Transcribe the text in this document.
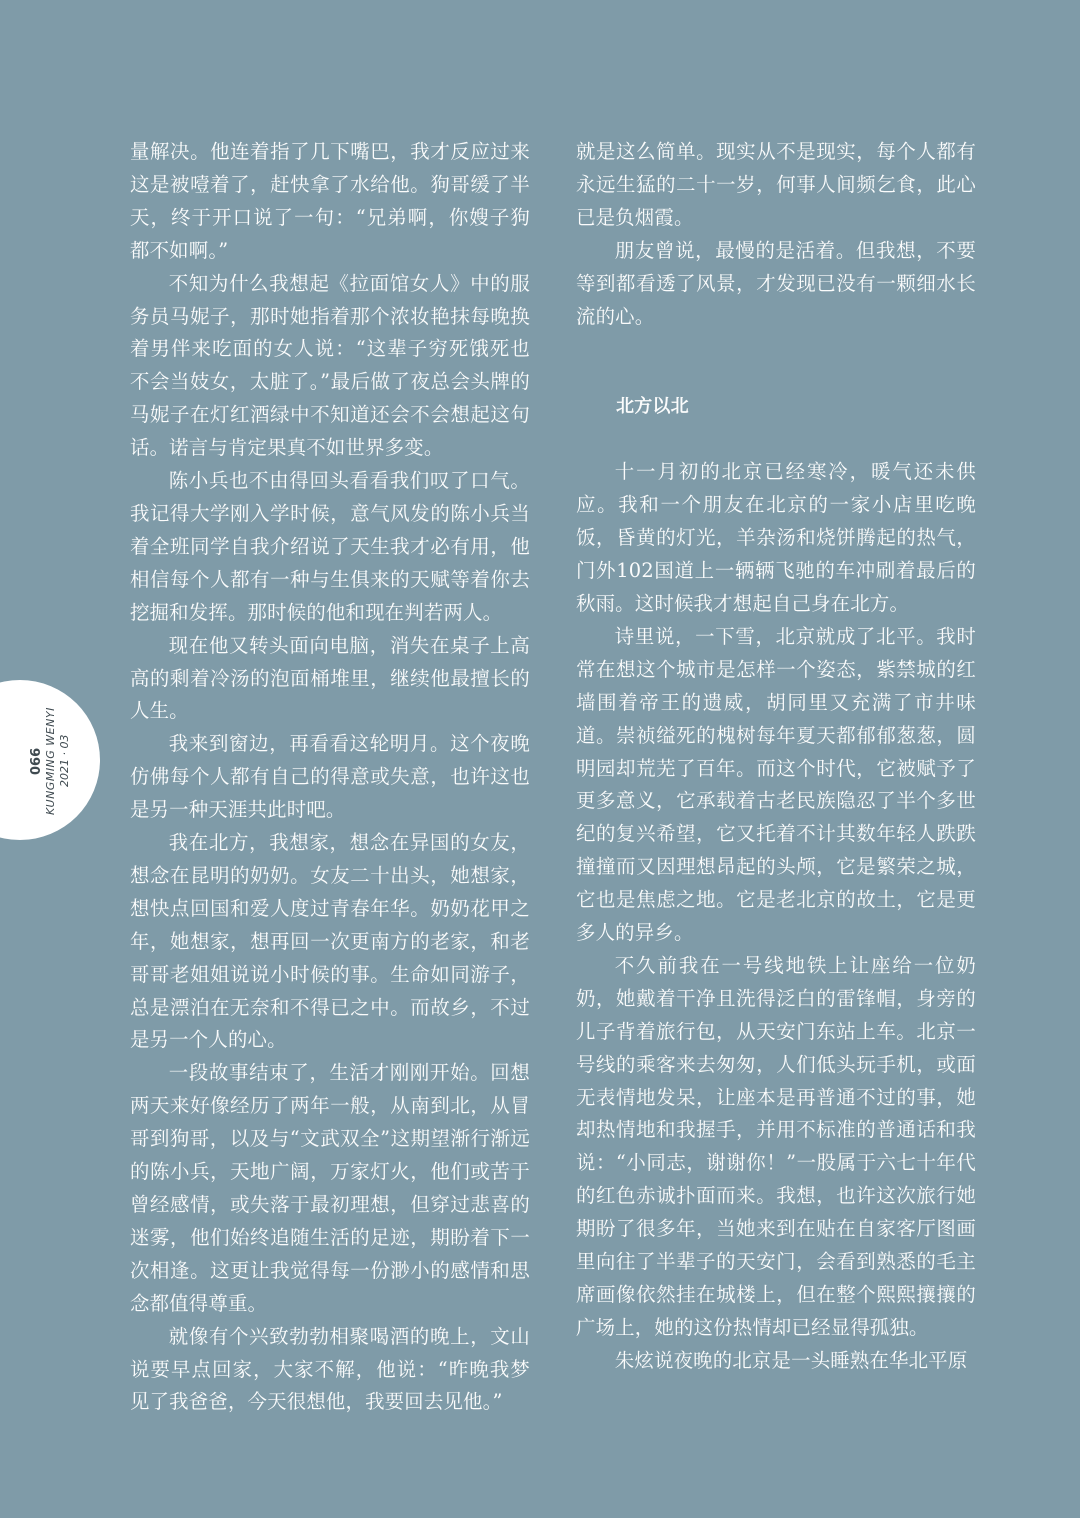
量解决。他连着指了几下嘴巴，我才反应过来这是被噎着了，赶快拿了水给他。狗哥缓了半天，终于开口说了一句：“兄弟啊，你嫂子狗都不如啊。”

不知为什么我想起《拉面馆女人》中的服务员马妮子，那时她指着那个浓妆艳抹每晚换着男伴来吃面的女人说：“这辈子穷死饿死也不会当妓女，太脏了。”最后做了夜总会头牌的马妮子在灯红酒绿中不知道还会不会想起这句话。诺言与肯定果真不如世界多变。

陈小兵也不由得回头看看我们叹了口气。我记得大学刚入学时候，意气风发的陈小兵当着全班同学自我介绍说了天生我才必有用，他相信每个人都有一种与生俱来的天赋等着你去挖掘和发挥。那时候的他和现在判若两人。

现在他又转头面向电脑，消失在桌子上高高的剩着冷汤的泡面桶堆里，继续他最擅长的人生。

我来到窗边，再看看这轮明月。这个夜晚仿佛每个人都有自己的得意或失意，也许这也是另一种天涯共此时吧。

我在北方，我想家，想念在异国的女友，想念在昆明的奶奶。女友二十出头，她想家，想快点回国和爱人度过青春年华。奶奶花甲之年，她想家，想再回一次更南方的老家，和老哥哥老姐姐说说小时候的事。生命如同游子，总是漂泊在无奈和不得已之中。而故乡，不过是另一个人的心。

一段故事结束了，生活才刚刚开始。回想两天来好像经历了两年一般，从南到北，从冒哥到狗哥，以及与“文武双全”这期望渐行渐远的陈小兵，天地广阔，万家灯火，他们或苦于曾经感情，或失落于最初理想，但穿过悲喜的迷雾，他们始终追随生活的足迹，期盼着下一次相逢。这更让我觉得每一份渺小的感情和思念都值得尊重。

就像有个兴致勃勃相聚喝酒的晚上，文山说要早点回家，大家不解，他说：“昨晚我梦见了我爸爸，今天很想他，我要回去见他。”

就是这么简单。现实从不是现实，每个人都有永远生猛的二十一岁，何事人间频乞食，此心已是负烟霞。

朋友曾说，最慢的是活着。但我想，不要等到都看透了风景，才发现已没有一颗细水长流的心。

北方以北

十一月初的北京已经寒冷，暖气还未供应。我和一个朋友在北京的一家小店里吃晚饭，昏黄的灯光，羊杂汤和烧饼腾起的热气，门外102国道上一辆辆飞驰的车冲刷着最后的秋雨。这时候我才想起自己身在北方。

诗里说，一下雪，北京就成了北平。我时常在想这个城市是怎样一个姿态，紫禁城的红墙围着帝王的遗威，胡同里又充满了市井味道。崇祯缢死的槐树每年夏天都郁郁葱葱，圆明园却荒芜了百年。而这个时代，它被赋予了更多意义，它承载着古老民族隐忍了半个多世纪的复兴希望，它又托着不计其数年轻人跌跌撞撞而又因理想昂起的头颅，它是繁荣之城，它也是焦虑之地。它是老北京的故土，它是更多人的异乡。

不久前我在一号线地铁上让座给一位奶奶，她戴着干净且洗得泛白的雷锋帽，身旁的儿子背着旅行包，从天安门东站上车。北京一号线的乘客来去匆匆，人们低头玩手机，或面无表情地发呆，让座本是再普通不过的事，她却热情地和我握手，并用不标准的普通话和我说：“小同志，谢谢你！”一股属于六七十年代的红色赤诚扑面而来。我想，也许这次旅行她期盼了很多年，当她来到在贴在自家客厅图画里向往了半辈子的天安门，会看到熟悉的毛主席画像依然挂在城楼上，但在整个熙熙攘攘的广场上，她的这份热情却已经显得孤独。

朱炫说夜晚的北京是一头睡熟在华北平原

066 KUNGMING WENYI 2021 · 03
